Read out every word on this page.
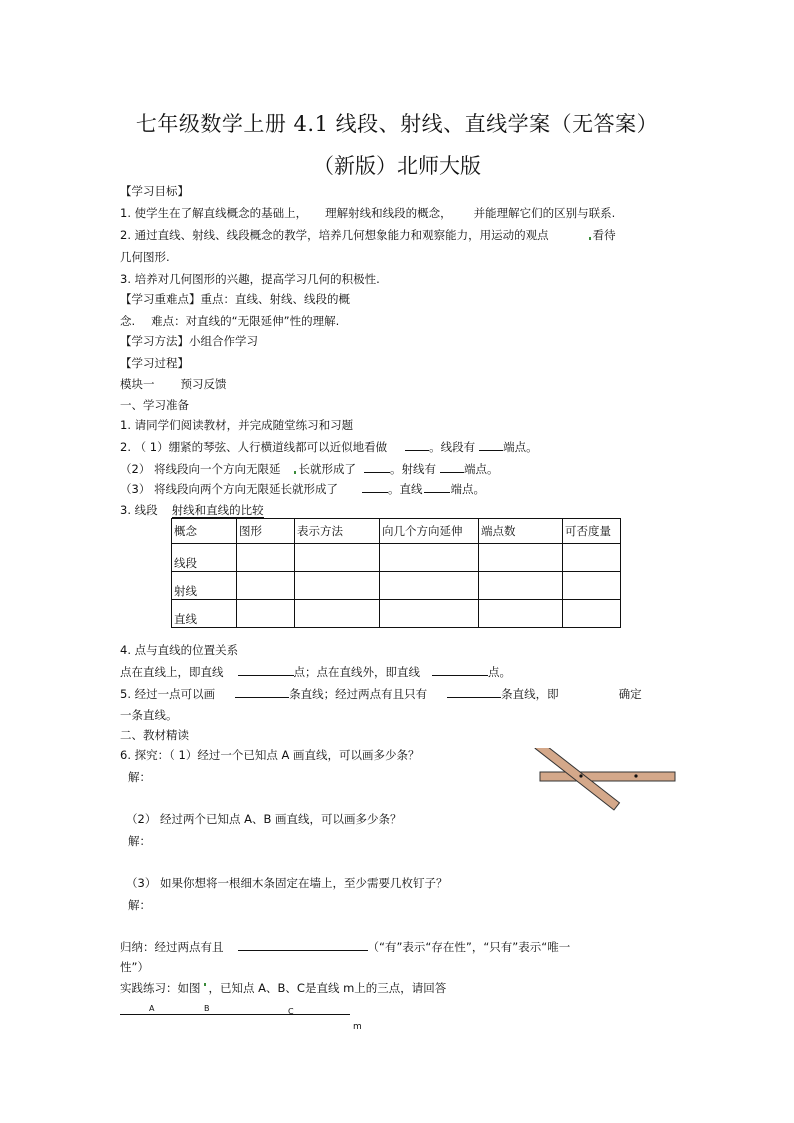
七年级数学上册 4.1 线段、射线、直线学案（无答案）
（新版）北师大版
【学习目标】
1. 使学生在了解直线概念的基础上， 理解射线和线段的概念， 并能理解它们的区别与联系.
2. 通过直线、射线、线段概念的教学，培养几何想象能力和观察能力，用运动的观点	看待
几何图形.
3. 培养对几何图形的兴趣，提高学习几何的积极性.
【学习重难点】重点：直线、射线、线段的概
念. 难点：对直线的“无限延伸”性的理解.
【学习方法】小组合作学习
【学习过程】
模块一 预习反馈
一、学习准备
1. 请同学们阅读教材，并完成随堂练习和习题
2. （ 1）绷紧的琴弦、人行横道线都可以近似地看做	。线段有 端点。
（2） 将线段向一个方向无限延 长就形成了	。射线有 端点。
（3） 将线段向两个方向无限延长就形成了	。直线 端点。
3. 线段 射线和直线的比较
概念	图形	表示方法	向几个方向延伸	端点数	可否度量
线段					
射线					
直线					
4. 点与直线的位置关系
点在直线上，即直线	点；点在直线外，即直线	点。
5. 经过一点可以画	条直线；经过两点有且只有	条直线，即	确定
一条直线。
二、教材精读
6. 探究：（ 1）经过一个已知点 A 画直线，可以画多少条？
解：
（2） 经过两个已知点 A、B 画直线，可以画多少条？
解：
（3） 如果你想将一根细木条固定在墙上，至少需要几枚钉子？
解：
归纳：经过两点有且	（“有”表示“存在性”，“只有”表示“唯一
性”）
实践练习：如图 ，已知点 A、B、C是直线 m上的三点，请回答
A	B	C
m
